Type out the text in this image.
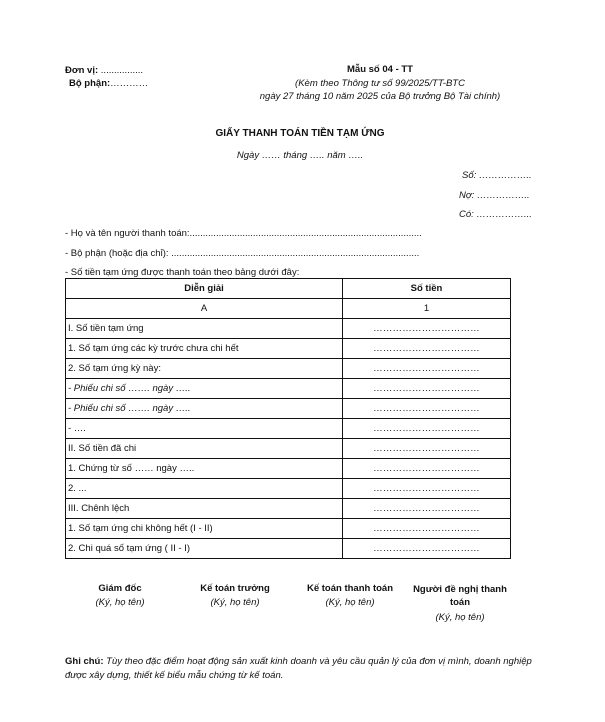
Đơn vị: ................
Bộ phận:…………
Mẫu số 04 - TT
(Kèm theo Thông tư số 99/2025/TT-BTC
ngày 27 tháng 10 năm 2025 của Bộ trưởng Bộ Tài chính)
GIẤY THANH TOÁN TIỀN TẠM ỨNG
Ngày …… tháng ….. năm …..
Số: ……………..
Nợ: ……………..
Có: ……………...
- Họ và tên người thanh toán:........................................................................................
- Bộ phận (hoặc địa chỉ): ..............................................................................................
- Số tiền tạm ứng được thanh toán theo bảng dưới đây:
Diễn giải	Số tiền
A	1
I. Số tiền tạm ứng	……………………………
1. Số tạm ứng các kỳ trước chưa chi hết	……………………………
2. Số tạm ứng kỳ này:	……………………………
- Phiếu chi số ……. ngày …..	……………………………
- Phiếu chi số ……. ngày …..	……………………………
- ….	……………………………
II. Số tiền đã chi	……………………………
1. Chứng từ số …… ngày …..	……………………………
2. ...	……………………………
III. Chênh lệch	……………………………
1. Số tạm ứng chi không hết (I - II)	……………………………
2. Chi quá số tạm ứng ( II - I)	……………………………
Giám đốc
(Ký, họ tên)
Kế toán trưởng
(Ký, họ tên)
Kế toán thanh toán
(Ký, họ tên)
Người đề nghị thanh toán
(Ký, họ tên)
Ghi chú: Tùy theo đặc điểm hoạt động sản xuất kinh doanh và yêu cầu quản lý của đơn vị mình, doanh nghiệp được xây dựng, thiết kế biểu mẫu chứng từ kế toán.
